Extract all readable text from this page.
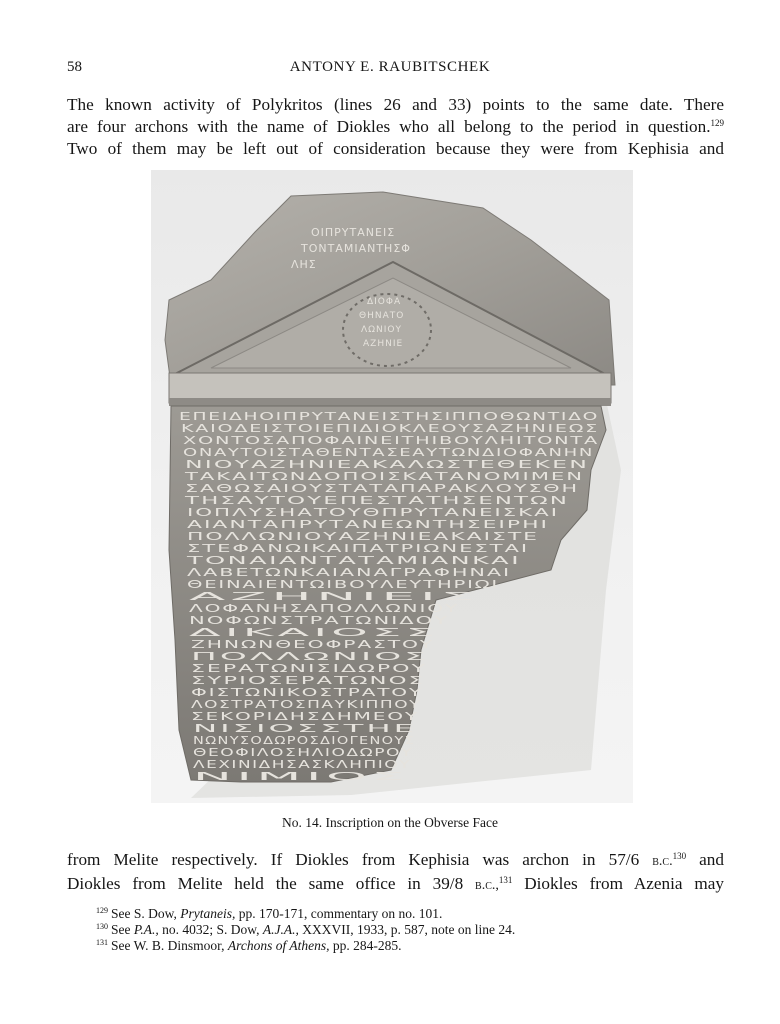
58	ANTONY E. RAUBITSCHEK

The known activity of Polykritos (lines 26 and 33) points to the same date. There
are four archons with the name of Diokles who all belong to the period in question.$^{129}$
Two of them may be left out of consideration because they were from Kephisia and

ΟΙΠΡΥΤΑΝΕΙΣ
ΤΟΝΤΑΜΙΑΝΤΗΣΦ
ΛΗΣ
ΔΙΟΦΑ
ΘΗΝΑΤΟ
ΛΩΝΙΟΥ
ΑΖΗΝΙΕ
ΕΠΕΙΔΗΟΙΠΡΥΤΑΝΕΙΣΤΗΣΙΠΠΟΘΩΝΤΙΔΟ
ΚΑΙΟΔΕΙΣΤΟΙΕΠΙΔΙΟΚΛΕΟΥΣΑΖΗΝΙΕΩΣ
ΧΟΝΤΟΣΑΠΟΦΑΙΝΕΙΤΗΙΒΟΥΛΗΙΤΟΝΤΑ
ΟΝΑΥΤΟΙΣΤΑΘΕΝΤΑΣΕΑΥΤΩΝΔΙΟΦΑΝΗΝ
ΝΙΟΥΑΖΗΝΙΕΑΚΑΛΩΣΤΕΘΕΚΕΝ
ΤΑΚΑΙΤΩΝΔΟΠΟΙΣΚΑΤΑΝΟΜΙΜΕΝ
ΣΑΘΩΣΑΙΟΥΣΤΑΤΑΠΑΡΑΚΛΟΥΣΘΗ
ΤΗΣΑΥΤΟΥΕΠΕΣΤΑΤΗΣΕΝΤΩΝ
ΙΟΠΛΥΣΗΑΤΟΥΘΠΡΥΤΑΝΕΙΣΚΑΙ
ΑΙΑΝΤΑΠΡΥΤΑΝΕΩΝΤΗΣΕΙΡΗΙ
ΠΟΛΛΩΝΙΟΥΑΖΗΝΙΕΑΚΑΙΣΤΕ
ΣΤΕΦΑΝΩΙΚΑΙΠΑΤΡΙΩΝΕΣΤΑΙ
ΤΟΝΑΙΑΝΤΑΤΑΜΙΑΝΚΑΙ
ΛΑΒΕΤΩΝΚΑΙΑΝΑΓΡΑΦΗΝΑΙ
ΘΕΙΝΑΙΕΝΤΩΙΒΟΥΛΕΥΤΗΡΙΩΙ
ΑΖΗΝΙΕΙΣ
ΛΟΦΑΝΗΣΑΠΟΛΛΩΝΙΟΥ
ΝΟΦΩΝΣΤΡΑΤΩΝΙΔΟΥ
ΔΙΚΑΙΟΣΣ
ΖΗΝΩΝΘΕΟΦΡΑΣΤΟΥ
ΠΟΛΛΩΝΙΟΣ
ΣΕΡΑΤΩΝΙΣΙΔΩΡΟΥ
ΣΥΡΙΟΣΕΡΑΤΩΝΟΣ
ΦΙΣΤΩΝΙΚΟΣΤΡΑΤΟΥ
ΛΟΣΤΡΑΤΟΣΠΑΥΚΙΠΠΟΥ
ΣΕΚΟΡΙΔΗΣΔΗΜΕΟΥ
ΝΙΣΙΟΣΣΤΗΕ
ΝΩΝΥΣΟΔΩΡΟΣΔΙΟΓΕΝΟΥΣ
ΘΕΟΦΙΛΟΣΗΛΙΟΔΩΡΟΥ
ΛΕΧΙΝΙΔΗΣΑΣΚΛΗΠΙΟΥ
ΝΙΜΙΟΣ
No. 14. Inscription on the Obverse Face

from Melite respectively. If Diokles from Kephisia was archon in 57/6 b.c.$^{130}$ and
Diokles from Melite held the same office in 39/8 b.c.,$^{131}$ Diokles from Azenia may

$^{129}$ See S. Dow, Prytaneis, pp. 170-171, commentary on no. 101.
$^{130}$ See P.A., no. 4032; S. Dow, A.J.A., XXXVII, 1933, p. 587, note on line 24.
$^{131}$ See W. B. Dinsmoor, Archons of Athens, pp. 284-285.
